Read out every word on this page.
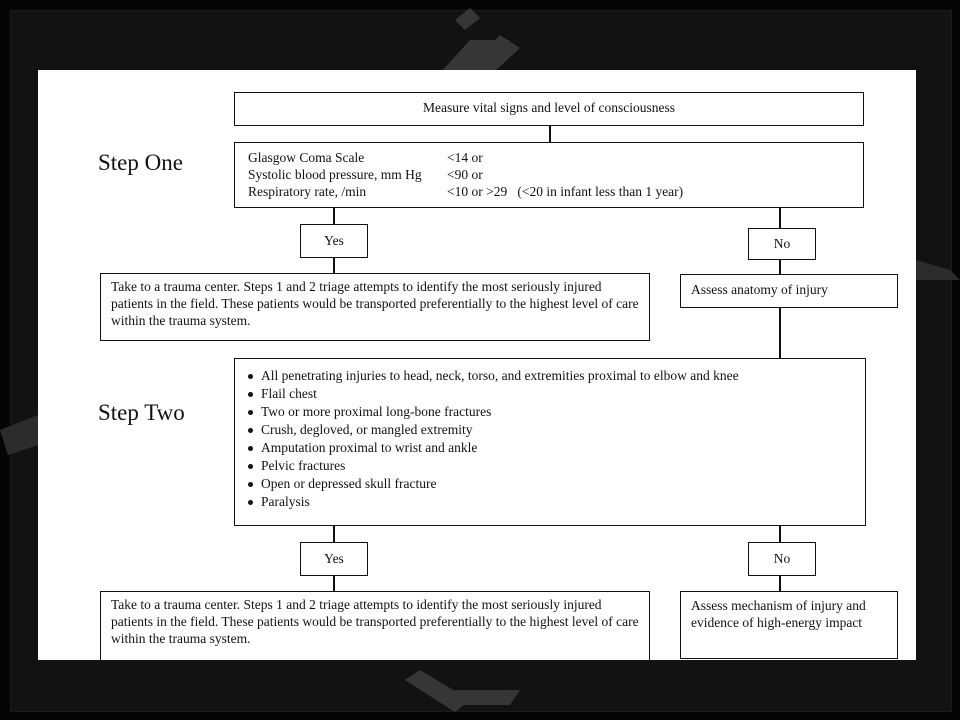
Measure vital signs and level of consciousness
Step One	Glasgow Coma Scale	<14 or
Systolic blood pressure, mm Hg <90 or
Respiratory rate, /min	<10 or >29   (<20 in infant less than 1 year)
Yes	No
Take to a trauma center. Steps 1 and 2 triage attempts to identify the most seriously injured patients in the field. These patients would be transported preferentially to the highest level of care within the trauma system.
Assess anatomy of injury
Step Two
All penetrating injuries to head, neck, torso, and extremities proximal to elbow and knee
Flail chest
Two or more proximal long-bone fractures
Crush, degloved, or mangled extremity
Amputation proximal to wrist and ankle
Pelvic fractures
Open or depressed skull fracture
Paralysis
Yes	No
Take to a trauma center. Steps 1 and 2 triage attempts to identify the most seriously injured patients in the field. These patients would be transported preferentially to the highest level of care within the trauma system.
Assess mechanism of injury and evidence of high-energy impact
